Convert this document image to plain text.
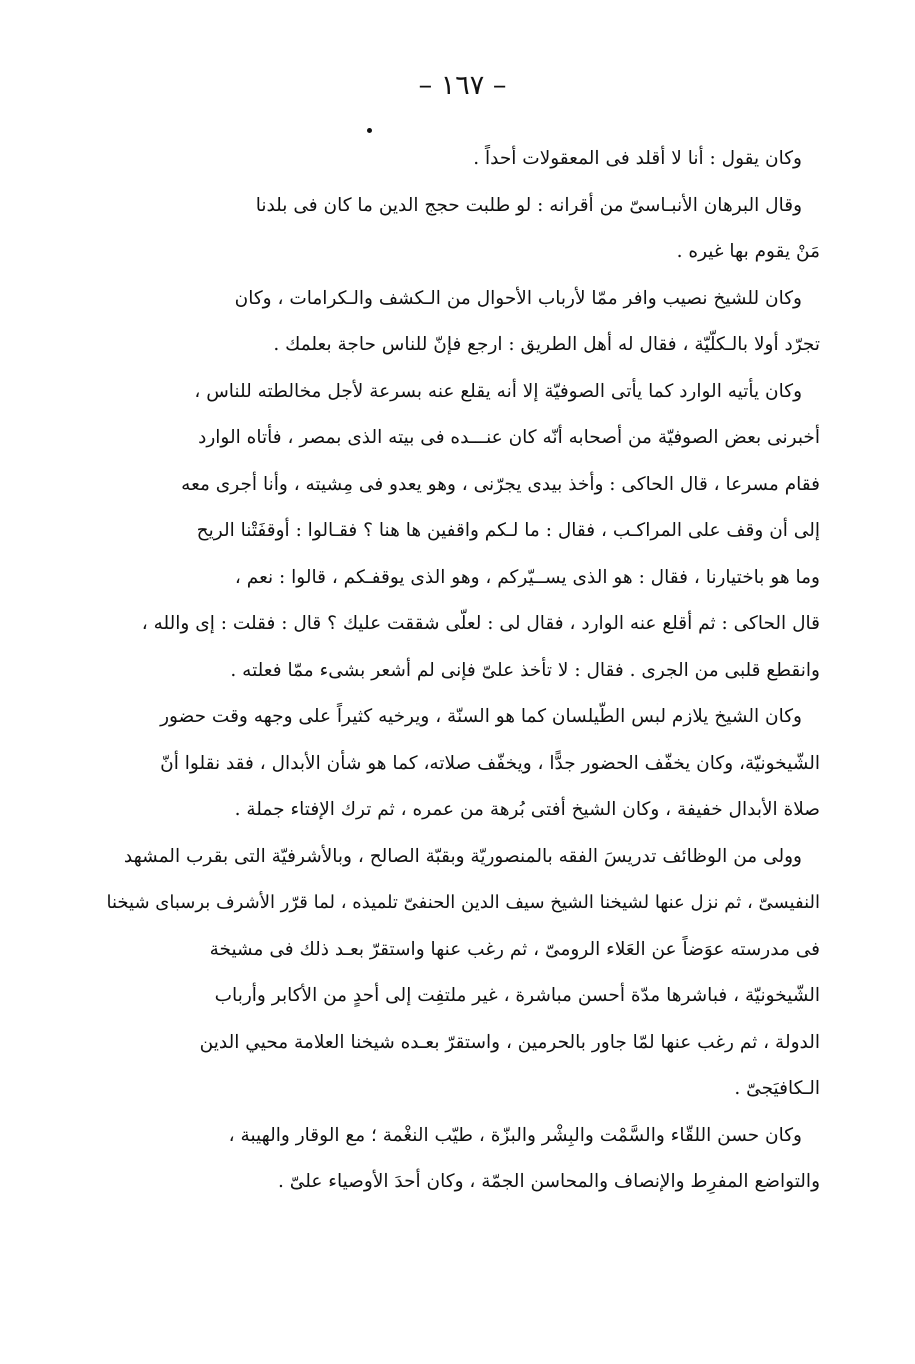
– ١٦٧ –
وكان يقول : أنا لا أقلد فى المعقولات أحداً .
وقال البرهان الأنبـاسىّ من أقرانه : لو طلبت حجج الدين ما كان فى بلدنا
مَنْ يقوم بها غيره .
وكان للشيخ نصيب وافر ممّا لأرباب الأحوال من الـكشف والـكرامات ، وكان
تجرّد أولا بالـكلّيّة ، فقال له أهل الطريق : ارجع فإنّ للناس حاجة بعلمك .
وكان يأتيه الوارد كما يأتى الصوفيّة إلا أنه يقلع عنه بسرعة لأجل مخالطته للناس ،
أخبرنى بعض الصوفيّة من أصحابه أنّه كان عنـــده فى بيته الذى بمصر ، فأتاه الوارد
فقام مسرعا ، قال الحاكى : وأخذ بيدى يجرّنى ، وهو يعدو فى مِشيته ، وأنا أجرى معه
إلى أن وقف على المراكـب ، فقال : ما لـكم واقفين ها هنا ؟ فقـالوا : أوقفَتْنا الريح
وما هو باختيارنا ، فقال : هو الذى يســيّركم ، وهو الذى يوقفـكم ، قالوا : نعم ،
قال الحاكى : ثم أقلع عنه الوارد ، فقال لى : لعلّى شققت عليك ؟ قال : فقلت : إى والله ،
وانقطع قلبى من الجرى . فقال : لا تأخذ علىّ فإنى لم أشعر بشىء ممّا فعلته .
وكان الشيخ يلازم لبس الطّيلسان كما هو السنّة ، ويرخيه كثيراً على وجهه وقت حضور
الشّيخونيّة، وكان يخفّف الحضور جدًّا ، ويخفّف صلاته، كما هو شأن الأبدال ، فقد نقلوا أنّ
صلاة الأبدال خفيفة ، وكان الشيخ أفتى بُرهة من عمره ، ثم ترك الإفتاء جملة .
وولى من الوظائف تدريسَ الفقه بالمنصوريّة وبقبّة الصالح ، وبالأشرفيّة التى بقرب المشهد
النفيسىّ ، ثم نزل عنها لشيخنا الشيخ سيف الدين الحنفىّ تلميذه ، لما قرّر الأشرف برسباى شيخنا
فى مدرسته عوَضاً عن العَلاء الرومىّ ، ثم رغب عنها واستقرّ بعـد ذلك فى مشيخة
الشّيخونيّة ، فباشرها مدّة أحسن مباشرة ، غير ملتفِت إلى أحدٍ من الأكابر وأرباب
الدولة ، ثم رغب عنها لمّا جاور بالحرمين ، واستقرّ بعـده شيخنا العلامة محيي الدين
الـكافيَجىّ .
وكان حسن اللقّاء والسَّمْت والبِشْر والبزّة ، طيّب النغْمة ؛ مع الوقار والهيبة ،
والتواضع المفرِط والإنصاف والمحاسن الجمّة ، وكان أحدَ الأوصياء علىّ .
